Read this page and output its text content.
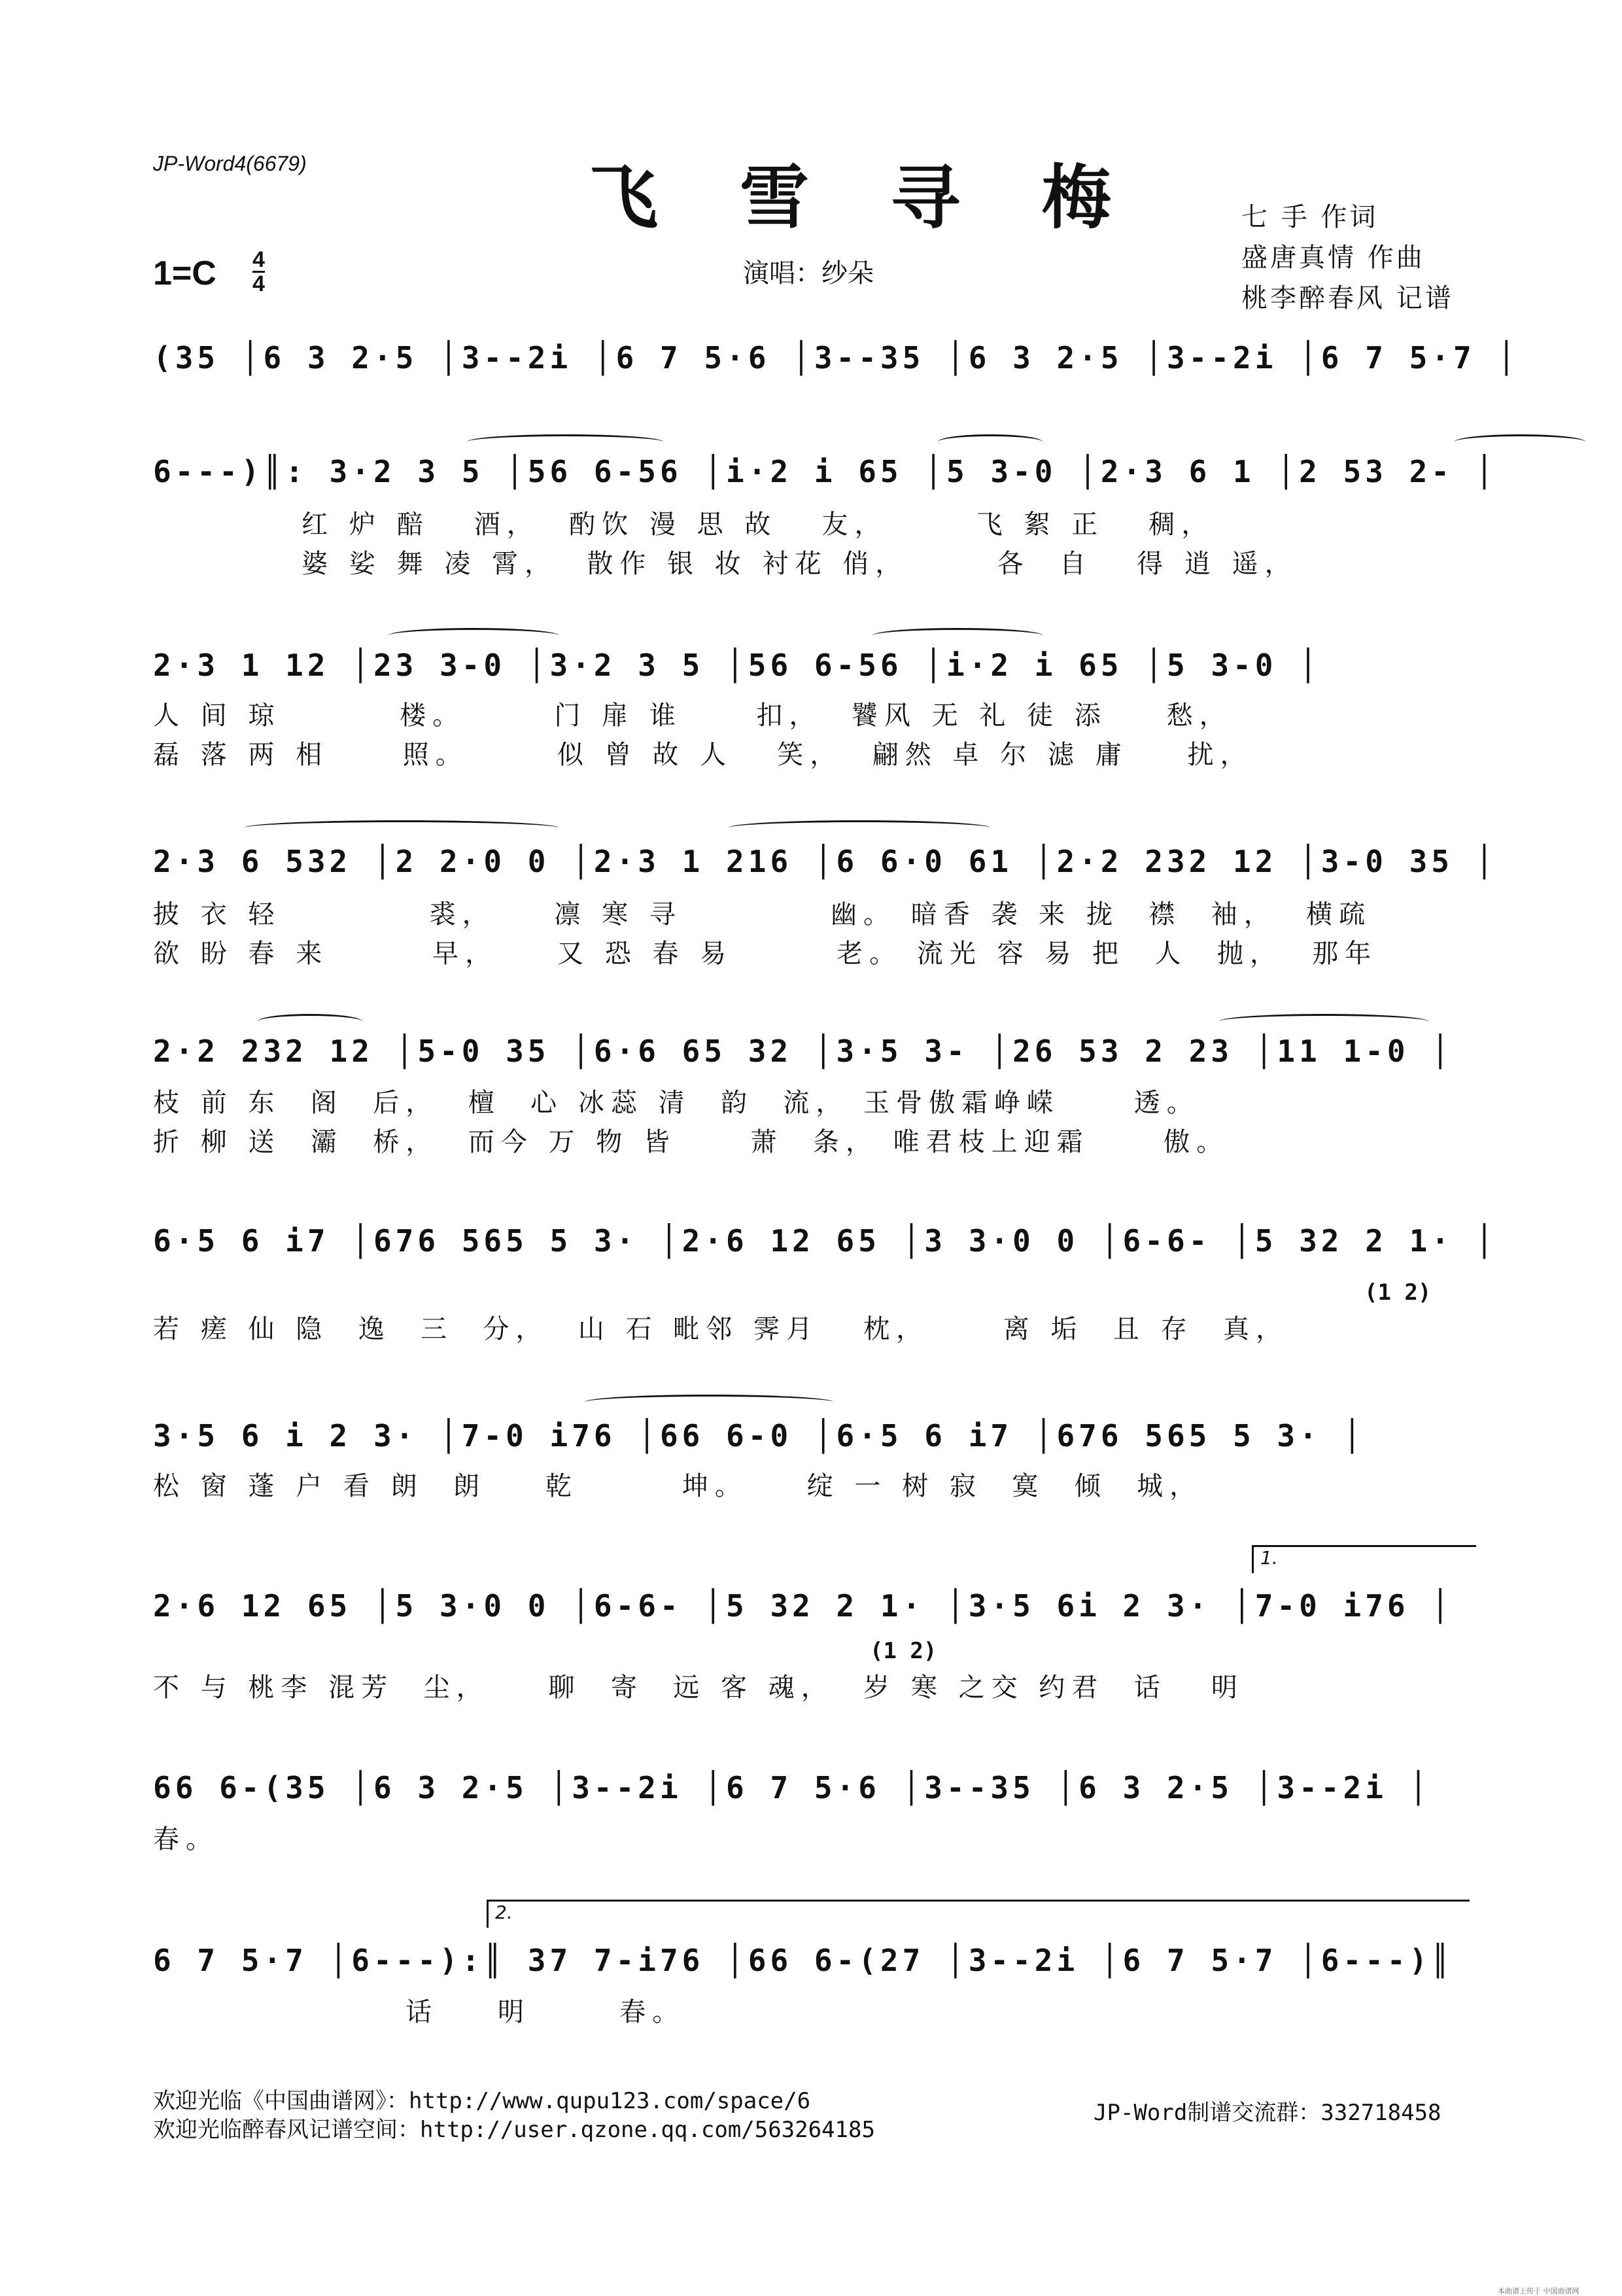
JP-Word4(6679)	飞 雪 寻 梅	七 手 作词
盛唐真情 作曲
桃李醉春风 记谱
1=C 4
4	演唱：纱朵
(35 │6 3 2·5 │3--2i │6 7 5·6 │3--35 │6 3 2·5 │3--2i │6 7 5·7 │
6---)║: 3·2 3 5 │56 6-56 │i·2 i 65 │5 3-0 │2·3 6 1 │2 53 2- │
红 炉 醅   酒，  酌饮 漫 思 故   友，      飞 絮 正   稠，
婆 娑 舞 凌 霄，  散作 银 妆 衬花 俏，      各  自   得 逍 遥，
2·3 1 12 │23 3-0 │3·2 3 5 │56 6-56 │i·2 i 65 │5 3-0 │
人 间 琼        楼。      门 扉 谁     扣，  饕风 无 礼 徒 添    愁，
磊 落 两 相     照。      似 曾 故 人   笑，  翩然 卓 尔 滤 庸    扰，
2·3 6 532 │2 2·0 0 │2·3 1 216 │6 6·0 61 │2·2 232 12 │3-0 35 │
披 衣 轻          裘，    凛 寒 寻          幽。 暗香 袭 来 拢  襟  袖，  横疏
欲 盼 春 来       早，    又 恐 春 易       老。 流光 容 易 把  人  抛，  那年
2·2 232 12 │5-0 35 │6·6 65 32 │3·5 3- │26 53 2 23 │11 1-0 │
枝 前 东  阁  后，  檀  心 冰蕊 清  韵  流， 玉骨傲霜峥嵘     透。
折 柳 送  灞  桥，  而今 万 物 皆     萧  条， 唯君枝上迎霜     傲。
6·5 6 i7 │676 565 5 3· │2·6 12 65 │3 3·0 0 │6-6- │5 32 2 1· │
(1 2)
若 瘥 仙 隐  逸  三  分，  山 石 毗邻 霁月   枕，     离 垢  且 存  真，
3·5 6 i 2 3· │7-0 i76 │66 6-0 │6·5 6 i7 │676 565 5 3· │
松 窗 蓬 户 看 朗  朗    乾       坤。    绽 一 树 寂  寞  倾  城，
1.
2·6 12 65 │5 3·0 0 │6-6- │5 32 2 1· │3·5 6i 2 3· │7-0 i76 │
(1 2)
不 与 桃李 混芳  尘，    聊  寄  远 客 魂，  岁 寒 之交 约君  话   明
66 6-(35 │6 3 2·5 │3--2i │6 7 5·6 │3--35 │6 3 2·5 │3--2i │
春。
2.
6 7 5·7 │6---):║ 37 7-i76 │66 6-(27 │3--2i │6 7 5·7 │6---)║
话    明      春。
欢迎光临《中国曲谱网》：http://www.qupu123.com/space/6
欢迎光临醉春风记谱空间：http://user.qzone.qq.com/563264185
JP-Word制谱交流群：332718458
本曲谱上传于 中国曲谱网
